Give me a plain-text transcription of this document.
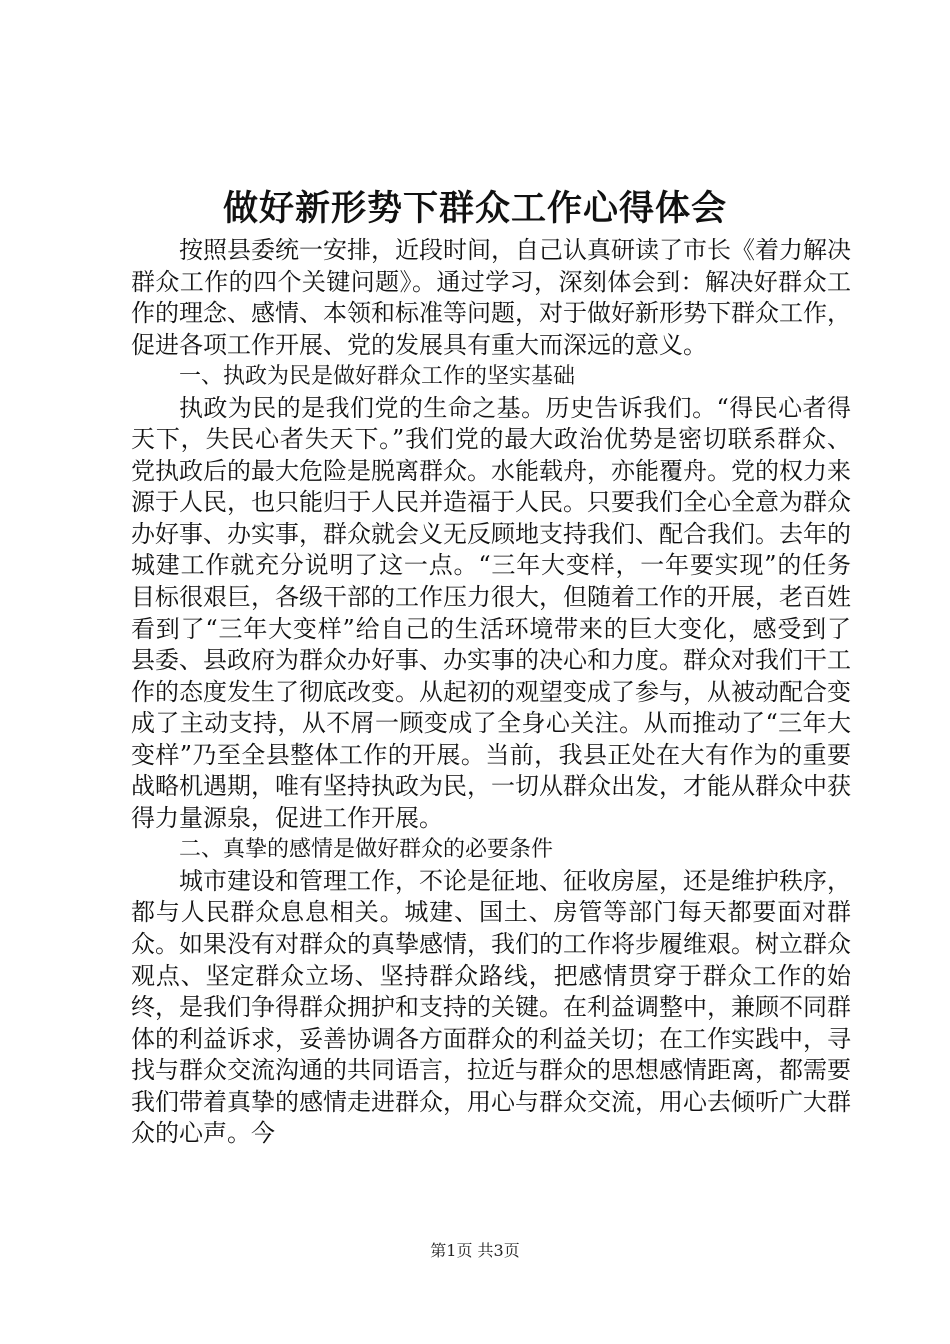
做好新形势下群众工作心得体会

按照县委统一安排，近段时间，自己认真研读了市长《着力解决群众工作的四个关键问题》。通过学习，深刻体会到：解决好群众工作的理念、感情、本领和标准等问题，对于做好新形势下群众工作，促进各项工作开展、党的发展具有重大而深远的意义。

一、执政为民是做好群众工作的坚实基础

执政为民的是我们党的生命之基。历史告诉我们。“得民心者得天下，失民心者失天下。”我们党的最大政治优势是密切联系群众、党执政后的最大危险是脱离群众。水能载舟，亦能覆舟。党的权力来源于人民，也只能归于人民并造福于人民。只要我们全心全意为群众办好事、办实事，群众就会义无反顾地支持我们、配合我们。去年的城建工作就充分说明了这一点。“三年大变样，一年要实现”的任务目标很艰巨，各级干部的工作压力很大，但随着工作的开展，老百姓看到了“三年大变样”给自己的生活环境带来的巨大变化，感受到了县委、县政府为群众办好事、办实事的决心和力度。群众对我们干工作的态度发生了彻底改变。从起初的观望变成了参与，从被动配合变成了主动支持，从不屑一顾变成了全身心关注。从而推动了“三年大变样”乃至全县整体工作的开展。当前，我县正处在大有作为的重要战略机遇期，唯有坚持执政为民，一切从群众出发，才能从群众中获得力量源泉，促进工作开展。

二、真挚的感情是做好群众的必要条件

城市建设和管理工作，不论是征地、征收房屋，还是维护秩序，都与人民群众息息相关。城建、国土、房管等部门每天都要面对群众。如果没有对群众的真挚感情，我们的工作将步履维艰。树立群众观点、坚定群众立场、坚持群众路线，把感情贯穿于群众工作的始终，是我们争得群众拥护和支持的关键。在利益调整中，兼顾不同群体的利益诉求，妥善协调各方面群众的利益关切；在工作实践中，寻找与群众交流沟通的共同语言，拉近与群众的思想感情距离，都需要我们带着真挚的感情走进群众，用心与群众交流，用心去倾听广大群众的心声。今

第1页 共3页
